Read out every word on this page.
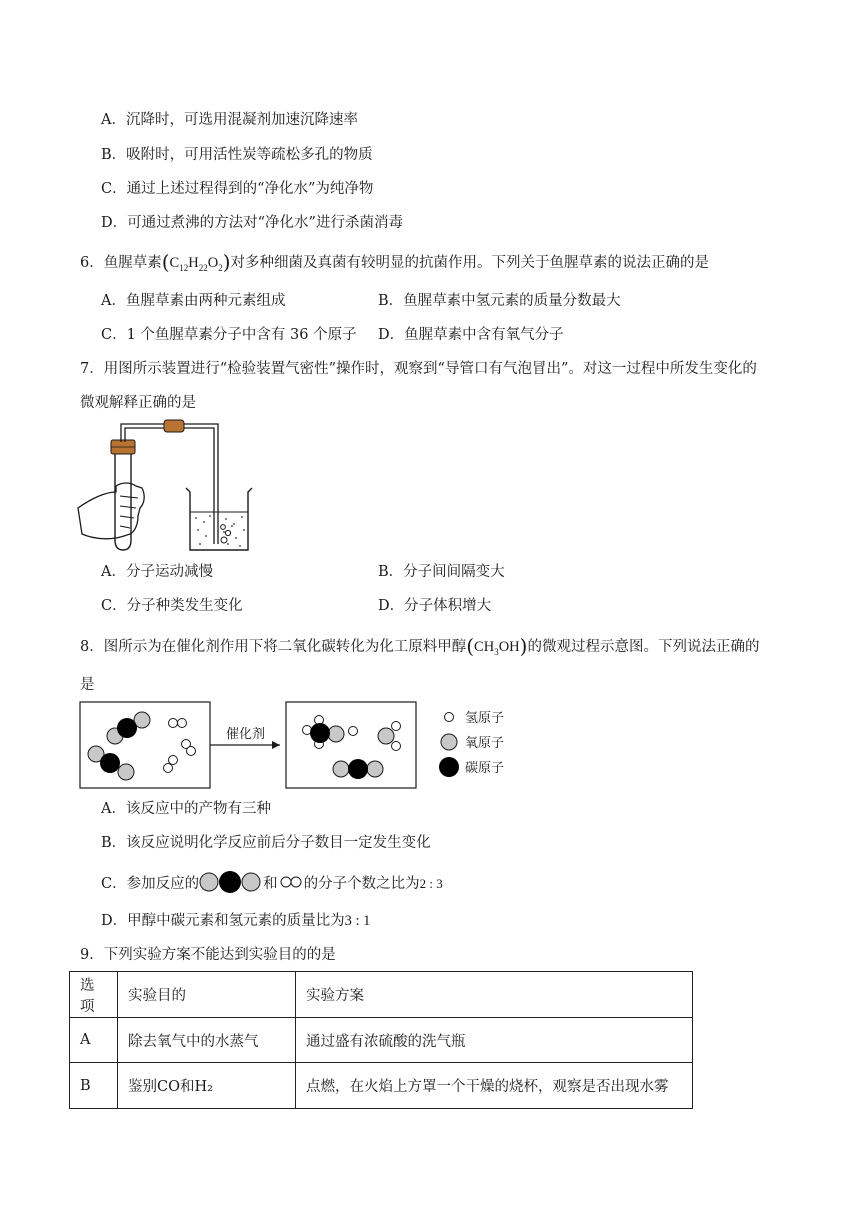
A．沉降时，可选用混凝剂加速沉降速率
B．吸附时，可用活性炭等疏松多孔的物质
C．通过上述过程得到的“净化水”为纯净物
D．可通过煮沸的方法对“净化水”进行杀菌消毒
6．鱼腥草素$(C_{12}H_{22}O_2)$对多种细菌及真菌有较明显的抗菌作用。下列关于鱼腥草素的说法正确的是
A．鱼腥草素由两种元素组成	B．鱼腥草素中氢元素的质量分数最大
C．1 个鱼腥草素分子中含有 36 个原子 D．鱼腥草素中含有氧气分子
7．用图所示装置进行“检验装置气密性”操作时，观察到“导管口有气泡冒出”。对这一过程中所发生变化的
微观解释正确的是
A．分子运动减慢	B．分子间间隔变大
C．分子种类发生变化	D．分子体积增大
8．图所示为在催化剂作用下将二氧化碳转化为化工原料甲醇$(CH_3OH)$的微观过程示意图。下列说法正确的
是
催化剂
氢原子
氧原子
碳原子
A．该反应中的产物有三种
B．该反应说明化学反应前后分子数目一定发生变化
C．参加反应的	和 的分子个数之比为2 : 3
D．甲醇中碳元素和氢元素的质量比为3 : 1
9．下列实验方案不能达到实验目的的是
选项	实验目的	实验方案
A	除去氧气中的水蒸气	通过盛有浓硫酸的洗气瓶
B	鉴别CO和H₂	点燃，在火焰上方罩一个干燥的烧杯，观察是否出现水雾
